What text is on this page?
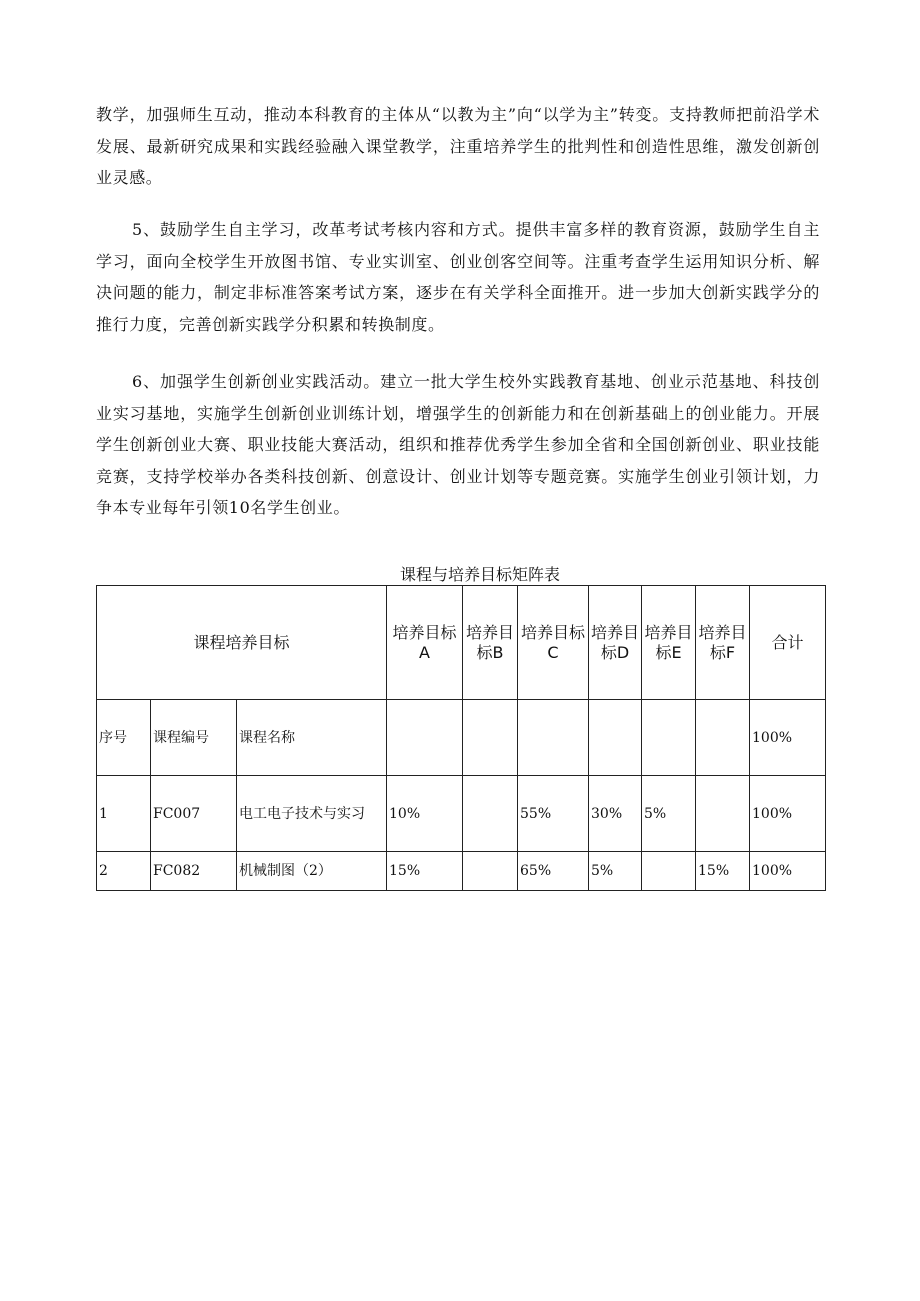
教学，加强师生互动，推动本科教育的主体从“以教为主”向“以学为主”转变。支持教师把前沿学术发展、最新研究成果和实践经验融入课堂教学，注重培养学生的批判性和创造性思维，激发创新创业灵感。

5、鼓励学生自主学习，改革考试考核内容和方式。提供丰富多样的教育资源，鼓励学生自主学习，面向全校学生开放图书馆、专业实训室、创业创客空间等。注重考查学生运用知识分析、解决问题的能力，制定非标准答案考试方案，逐步在有关学科全面推开。进一步加大创新实践学分的推行力度，完善创新实践学分积累和转换制度。

6、加强学生创新创业实践活动。建立一批大学生校外实践教育基地、创业示范基地、科技创业实习基地，实施学生创新创业训练计划，增强学生的创新能力和在创新基础上的创业能力。开展学生创新创业大赛、职业技能大赛活动，组织和推荐优秀学生参加全省和全国创新创业、职业技能竞赛，支持学校举办各类科技创新、创意设计、创业计划等专题竞赛。实施学生创业引领计划，力争本专业每年引领10名学生创业。

课程与培养目标矩阵表
课程培养目标			培养目标A	培养目标B	培养目标C	培养目标D	培养目标E	培养目标F	合计
序号	课程编号	课程名称							100%
1	FC007	电工电子技术与实习	10%		55%	30%	5%		100%
2	FC082	机械制图（2）	15%		65%	5%		15%	100%
